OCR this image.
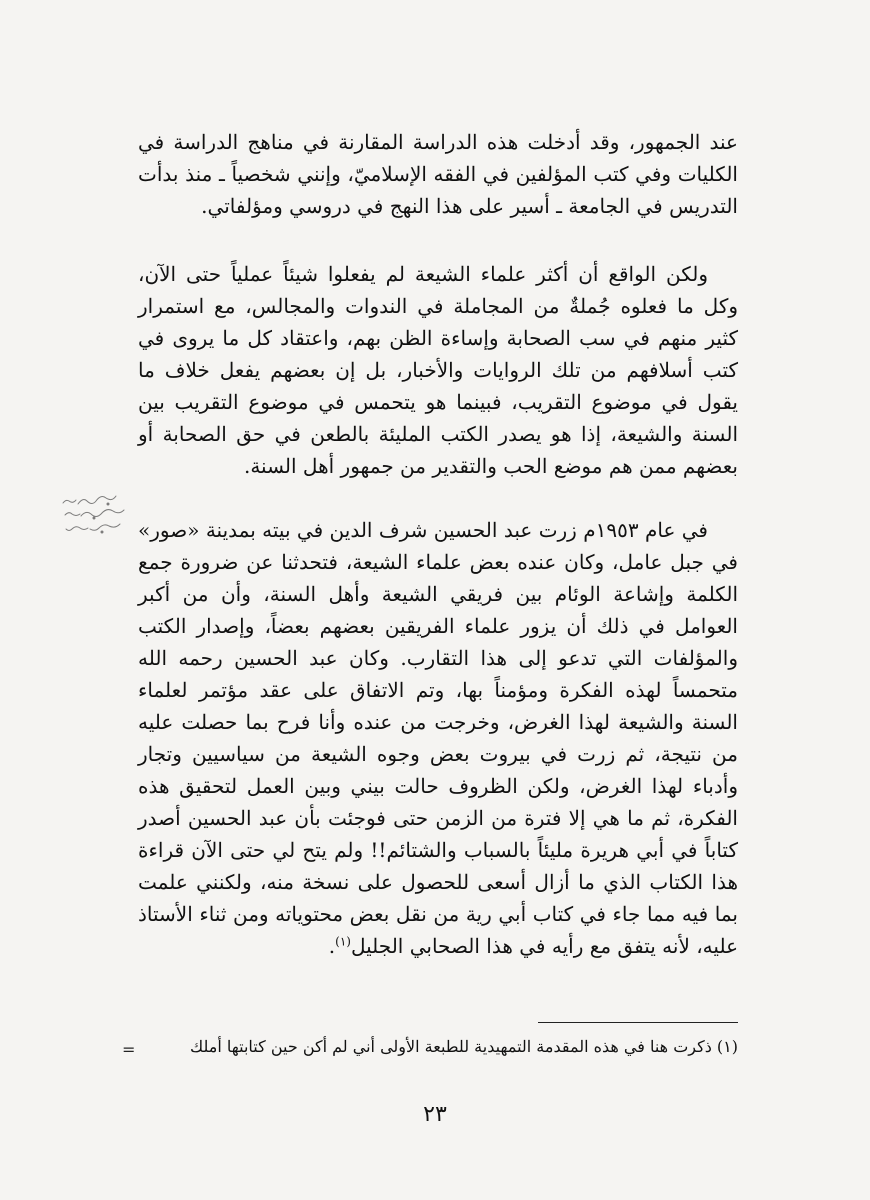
عند الجمهور، وقد أدخلت هذه الدراسة المقارنة في مناهج الدراسة في الكليات وفي كتب المؤلفين في الفقه الإسلاميّ، وإنني شخصياً ـ منذ بدأت التدريس في الجامعة ـ أسير على هذا النهج في دروسي ومؤلفاتي.

ولكن الواقع أن أكثر علماء الشيعة لم يفعلوا شيئاً عملياً حتى الآن، وكل ما فعلوه جُملةٌ من المجاملة في الندوات والمجالس، مع استمرار كثير منهم في سب الصحابة وإساءة الظن بهم، واعتقاد كل ما يروى في كتب أسلافهم من تلك الروايات والأخبار، بل إن بعضهم يفعل خلاف ما يقول في موضوع التقريب، فبينما هو يتحمس في موضوع التقريب بين السنة والشيعة، إذا هو يصدر الكتب المليئة بالطعن في حق الصحابة أو بعضهم ممن هم موضع الحب والتقدير من جمهور أهل السنة.

في عام ١٩٥٣م زرت عبد الحسين شرف الدين في بيته بمدينة «صور» في جبل عامل، وكان عنده بعض علماء الشيعة، فتحدثنا عن ضرورة جمع الكلمة وإشاعة الوئام بين فريقي الشيعة وأهل السنة، وأن من أكبر العوامل في ذلك أن يزور علماء الفريقين بعضهم بعضاً، وإصدار الكتب والمؤلفات التي تدعو إلى هذا التقارب. وكان عبد الحسين رحمه الله متحمساً لهذه الفكرة ومؤمناً بها، وتم الاتفاق على عقد مؤتمر لعلماء السنة والشيعة لهذا الغرض، وخرجت من عنده وأنا فرح بما حصلت عليه من نتيجة، ثم زرت في بيروت بعض وجوه الشيعة من سياسيين وتجار وأدباء لهذا الغرض، ولكن الظروف حالت بيني وبين العمل لتحقيق هذه الفكرة، ثم ما هي إلا فترة من الزمن حتى فوجئت بأن عبد الحسين أصدر كتاباً في أبي هريرة مليئاً بالسباب والشتائم!! ولم يتح لي حتى الآن قراءة هذا الكتاب الذي ما أزال أسعى للحصول على نسخة منه، ولكنني علمت بما فيه مما جاء في كتاب أبي رية من نقل بعض محتوياته ومن ثناء الأستاذ عليه، لأنه يتفق مع رأيه في هذا الصحابي الجليل$^{(١)}$.

(١) ذكرت هنا في هذه المقدمة التمهيدية للطبعة الأولى أني لم أكن حين كتابتها أملك
=
٢٣
